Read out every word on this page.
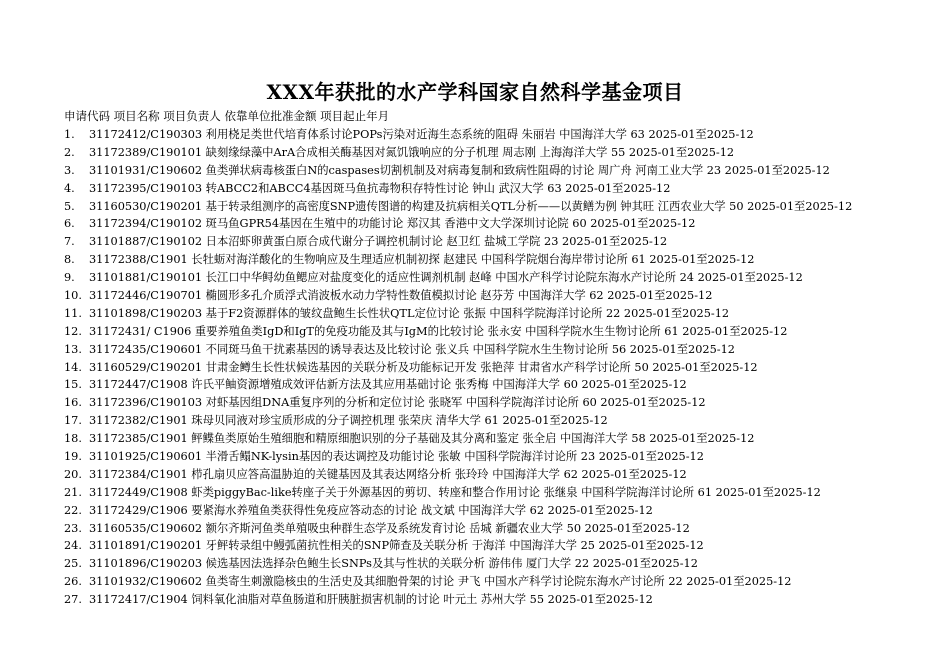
XXX年获批的水产学科国家自然科学基金项目
申请代码 项目名称 项目负责人 依靠单位批准金额 项目起止年月
1. 31172412/C190303 利用桡足类世代培育体系讨论POPs污染对近海生态系统的阻碍 朱丽岩 中国海洋大学 63 2025-01至2025-12
2. 31172389/C190101 缺刻缘绿藻中ArA合成相关酶基因对氮饥饿响应的分子机理 周志刚 上海海洋大学 55 2025-01至2025-12
3. 31101931/C190602 鱼类弹状病毒核蛋白N的caspases切割机制及对病毒复制和致病性阻碍的讨论 周广舟 河南工业大学 23 2025-01至2025-12
4. 31172395/C190103 转ABCC2和ABCC4基因斑马鱼抗毒物积存特性讨论 钟山 武汉大学 63 2025-01至2025-12
5. 31160530/C190201 基于转录组测序的高密度SNP遗传图谱的构建及抗病相关QTL分析——以黄鳝为例 钟其旺 江西农业大学 50 2025-01至2025-12
6. 31172394/C190102 斑马鱼GPR54基因在生殖中的功能讨论 郑汉其 香港中文大学深圳讨论院 60 2025-01至2025-12
7. 31101887/C190102 日本沼虾卵黄蛋白原合成代谢分子调控机制讨论 赵卫红 盐城工学院 23 2025-01至2025-12
8. 31172388/C1901 长牡蛎对海洋酸化的生物响应及生理适应机制初探 赵建民 中国科学院烟台海岸带讨论所 61 2025-01至2025-12
9. 31101881/C190101 长江口中华鲟幼鱼鳃应对盐度变化的适应性调剂机制 赵峰 中国水产科学讨论院东海水产讨论所 24 2025-01至2025-12
10. 31172446/C190701 椭圆形多孔介质浮式消波板水动力学特性数值模拟讨论 赵芬芳 中国海洋大学 62 2025-01至2025-12
11. 31101898/C190203 基于F2资源群体的皱纹盘鲍生长性状QTL定位讨论 张振 中国科学院海洋讨论所 22 2025-01至2025-12
12. 31172431/ C1906 重要养殖鱼类IgD和IgT的免疫功能及其与IgM的比较讨论 张永安 中国科学院水生生物讨论所 61 2025-01至2025-12
13. 31172435/C190601 不同斑马鱼干扰素基因的诱导表达及比较讨论 张义兵 中国科学院水生生物讨论所 56 2025-01至2025-12
14. 31160529/C190201 甘肃金鳟生长性状候选基因的关联分析及功能标记开发 张艳萍 甘肃省水产科学讨论所 50 2025-01至2025-12
15. 31172447/C1908 许氏平鲉资源增殖成效评估新方法及其应用基础讨论 张秀梅 中国海洋大学 60 2025-01至2025-12
16. 31172396/C190103 对虾基因组DNA重复序列的分析和定位讨论 张晓军 中国科学院海洋讨论所 60 2025-01至2025-12
17. 31172382/C1901 珠母贝同液对珍宝质形成的分子调控机理 张荣庆 清华大学 61 2025-01至2025-12
18. 31172385/C1901 鲆鲽鱼类原始生殖细胞和精原细胞识别的分子基础及其分离和鉴定 张全启 中国海洋大学 58 2025-01至2025-12
19. 31101925/C190601 半滑舌鳎NK-lysin基因的表达调控及功能讨论 张敏 中国科学院海洋讨论所 23 2025-01至2025-12
20. 31172384/C1901 栉孔扇贝应答高温胁迫的关键基因及其表达网络分析 张玲玲 中国海洋大学 62 2025-01至2025-12
21. 31172449/C1908 虾类piggyBac-like转座子关于外源基因的剪切、转座和整合作用讨论 张继泉 中国科学院海洋讨论所 61 2025-01至2025-12
22. 31172429/C1906 要紧海水养殖鱼类获得性免疫应答动态的讨论 战文斌 中国海洋大学 62 2025-01至2025-12
23. 31160535/C190602 额尔齐斯河鱼类单殖吸虫种群生态学及系统发育讨论 岳城 新疆农业大学 50 2025-01至2025-12
24. 31101891/C190201 牙鲆转录组中鳗弧菌抗性相关的SNP筛查及关联分析 于海洋 中国海洋大学 25 2025-01至2025-12
25. 31101896/C190203 候选基因法选择杂色鲍生长SNPs及其与性状的关联分析 游伟伟 厦门大学 22 2025-01至2025-12
26. 31101932/C190602 鱼类寄生刺激隐核虫的生活史及其细胞骨架的讨论 尹飞 中国水产科学讨论院东海水产讨论所 22 2025-01至2025-12
27. 31172417/C1904 饲料氧化油脂对草鱼肠道和肝胰脏损害机制的讨论 叶元土 苏州大学 55 2025-01至2025-12
